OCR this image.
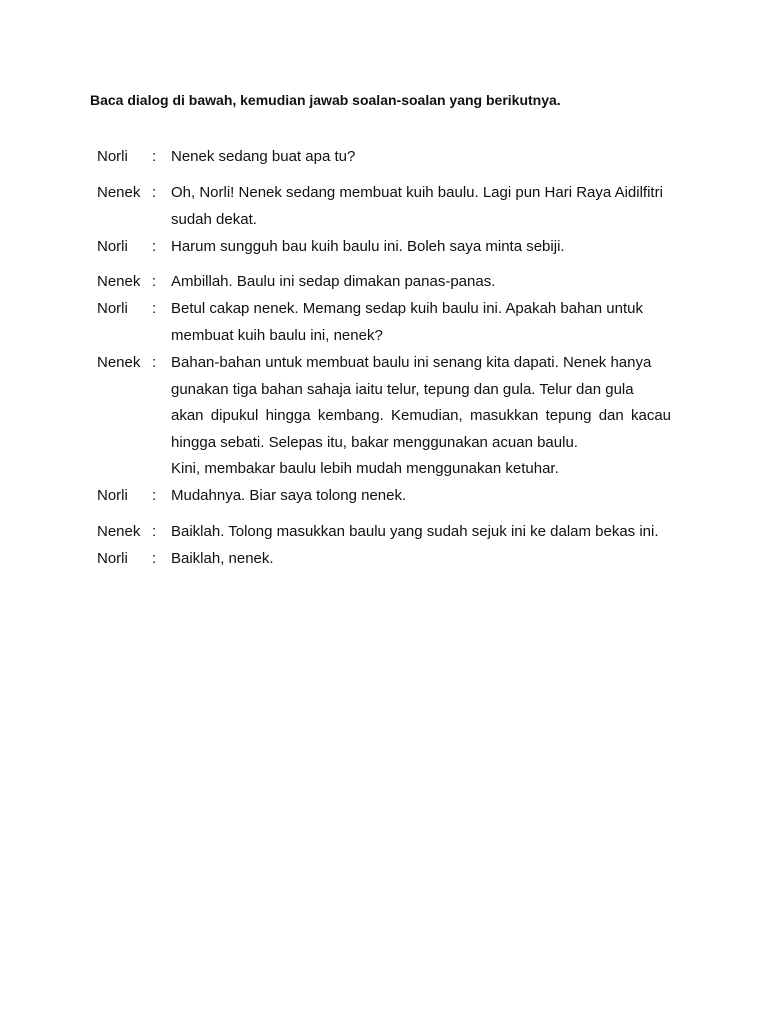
Baca dialog di bawah, kemudian jawab soalan-soalan yang berikutnya.
Norli : Nenek sedang buat apa tu?
Nenek : Oh, Norli! Nenek sedang membuat kuih baulu. Lagi pun Hari Raya Aidilfitri
sudah dekat.
Norli : Harum sungguh bau kuih baulu ini. Boleh saya minta sebiji.
Nenek : Ambillah. Baulu ini sedap dimakan panas-panas.
Norli : Betul cakap nenek. Memang sedap kuih baulu ini. Apakah bahan untuk
membuat kuih baulu ini, nenek?
Nenek : Bahan-bahan untuk membuat baulu ini senang kita dapati. Nenek hanya
gunakan tiga bahan sahaja iaitu telur, tepung dan gula. Telur dan gula
akan dipukul hingga kembang. Kemudian, masukkan tepung dan kacau
hingga sebati. Selepas itu, bakar menggunakan acuan baulu.
Kini, membakar baulu lebih mudah menggunakan ketuhar.
Norli : Mudahnya. Biar saya tolong nenek.
Nenek : Baiklah. Tolong masukkan baulu yang sudah sejuk ini ke dalam bekas ini.
Norli : Baiklah, nenek.
